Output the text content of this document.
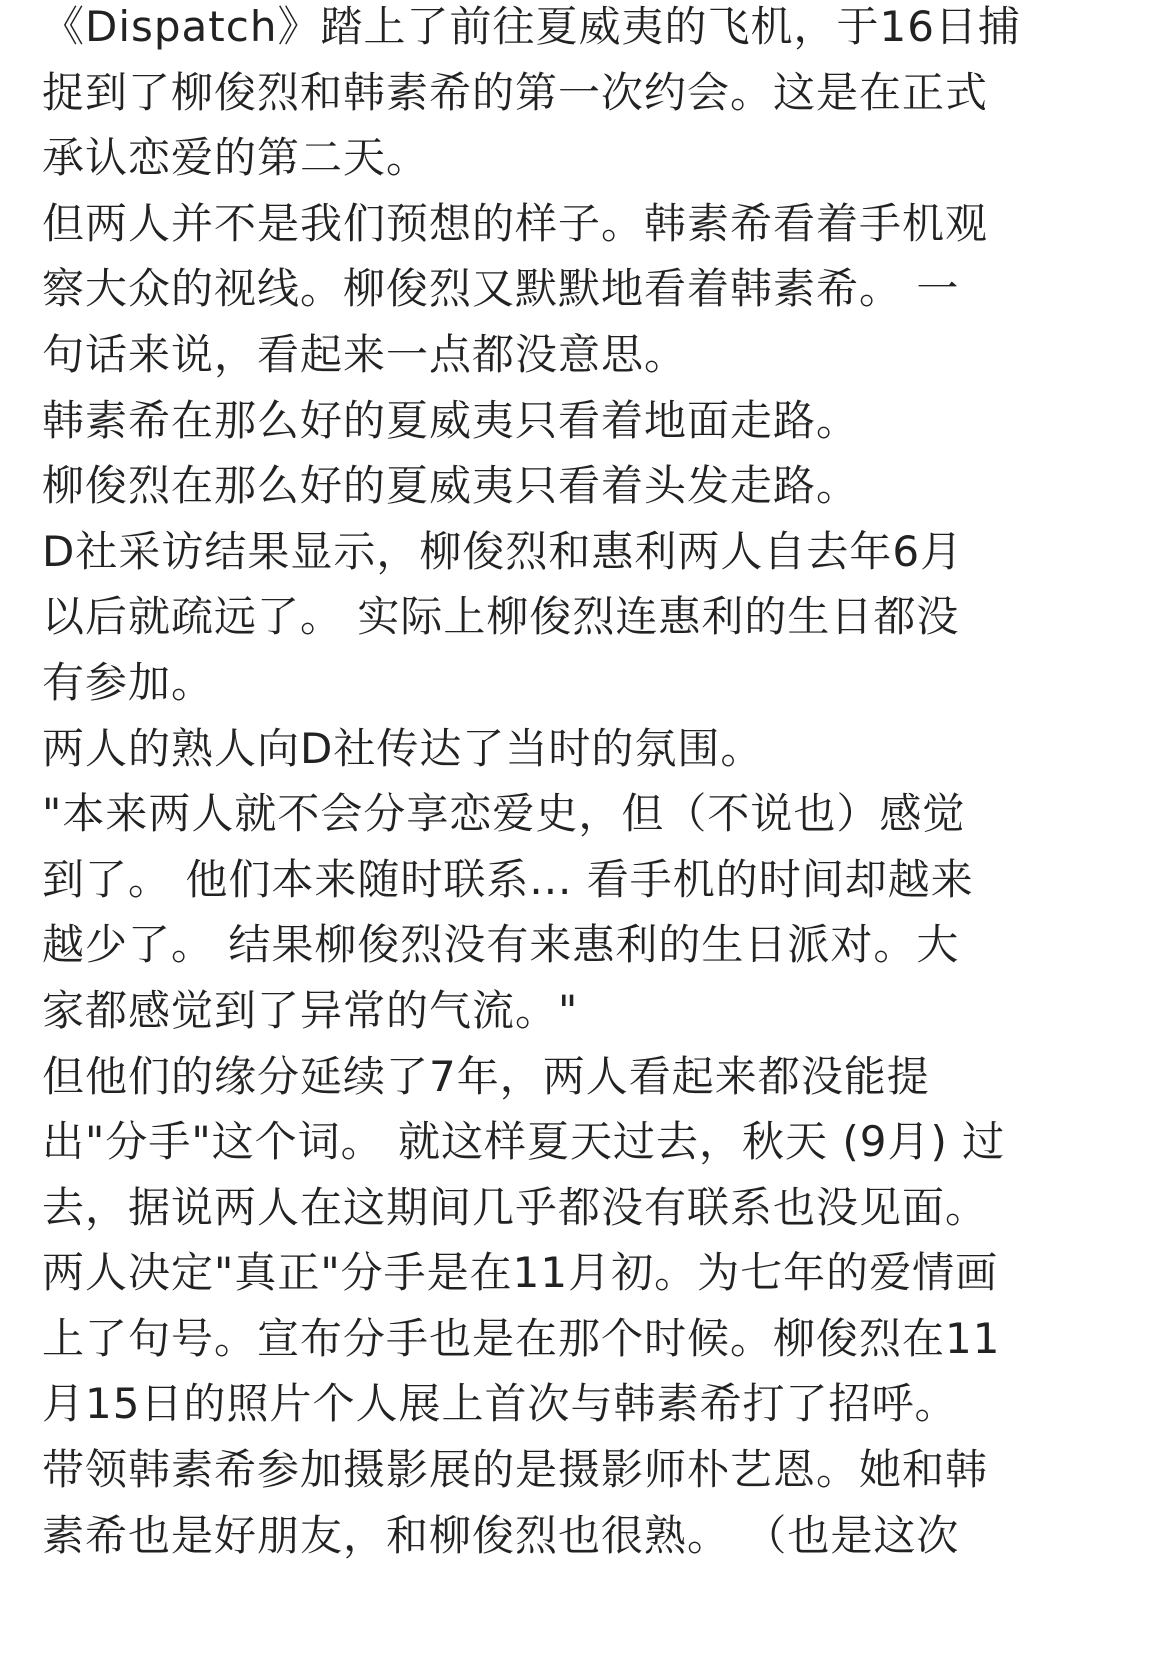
《Dispatch》踏上了前往夏威夷的飞机，于16日捕
捉到了柳俊烈和韩素希的第一次约会。这是在正式
承认恋爱的第二天。
但两人并不是我们预想的样子。韩素希看着手机观
察大众的视线。柳俊烈又默默地看着韩素希。 一
句话来说，看起来一点都没意思。
韩素希在那么好的夏威夷只看着地面走路。
柳俊烈在那么好的夏威夷只看着头发走路。
D社采访结果显示，柳俊烈和惠利两人自去年6月
以后就疏远了。 实际上柳俊烈连惠利的生日都没
有参加。
两人的熟人向D社传达了当时的氛围。
"本来两人就不会分享恋爱史，但（不说也）感觉
到了。 他们本来随时联系... 看手机的时间却越来
越少了。 结果柳俊烈没有来惠利的生日派对。大
家都感觉到了异常的气流。"
但他们的缘分延续了7年，两人看起来都没能提
出"分手"这个词。 就这样夏天过去，秋天 (9月) 过
去，据说两人在这期间几乎都没有联系也没见面。
两人决定"真正"分手是在11月初。为七年的爱情画
上了句号。宣布分手也是在那个时候。柳俊烈在11
月15日的照片个人展上首次与韩素希打了招呼。
带领韩素希参加摄影展的是摄影师朴艺恩。她和韩
素希也是好朋友，和柳俊烈也很熟。 （也是这次
